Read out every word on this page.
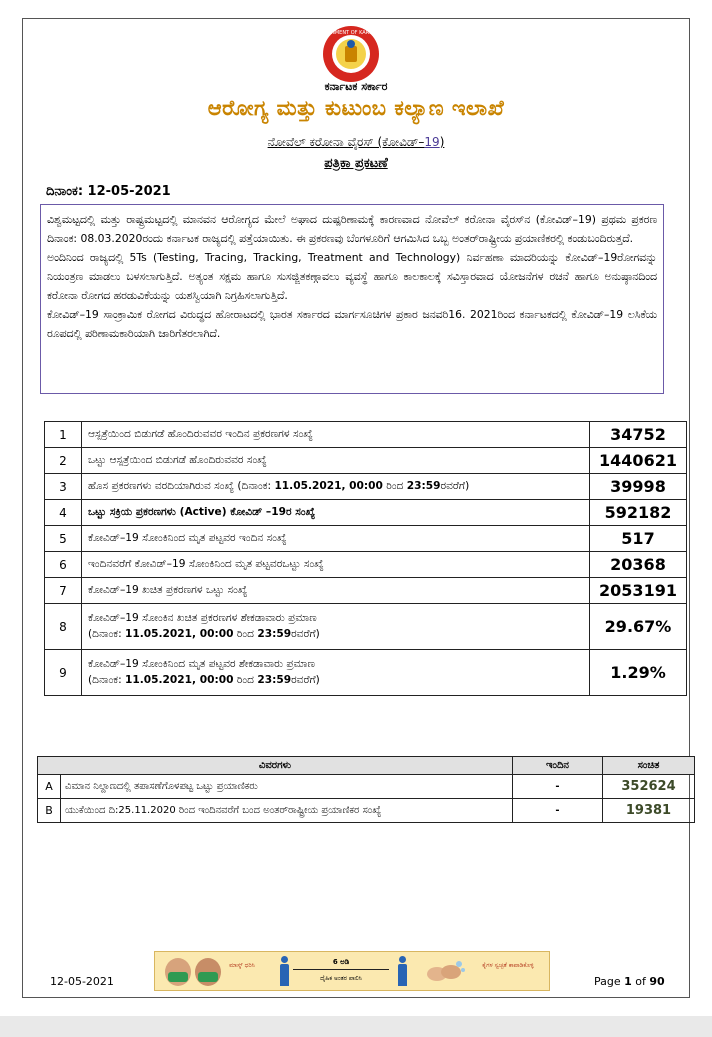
GOVERNMENT OF KARNATAKA
ಕರ್ನಾಟಕ ಸರ್ಕಾರ
ಆರೋಗ್ಯ ಮತ್ತು ಕುಟುಂಬ ಕಲ್ಯಾಣ ಇಲಾಖೆ
ನೋವೆಲ್ ಕರೋನಾ ವೈರಸ್ (ಕೋವಿಡ್–19)
ಪತ್ರಿಕಾ ಪ್ರಕಟಣೆ
ದಿನಾಂಕ: 12-05-2021

ವಿಶ್ವಮಟ್ಟದಲ್ಲಿ ಮತ್ತು ರಾಷ್ಟ್ರಮಟ್ಟದಲ್ಲಿ ಮಾನವನ ಆರೋಗ್ಯದ ಮೇಲೆ ಅಘಾದ ದುಷ್ಪರಿಣಾಮಕ್ಕೆ ಕಾರಣವಾದ ನೋವೆಲ್ ಕರೋನಾ ವೈರಸ್‌ನ (ಕೋವಿಡ್–19) ಪ್ರಥಮ ಪ್ರಕರಣ ದಿನಾಂಕ: 08.03.2020ರಂದು ಕರ್ನಾಟಕ ರಾಜ್ಯದಲ್ಲಿ ಪತ್ತೆಯಾಯಿತು. ಈ ಪ್ರಕರಣವು ಬೆಂಗಳೂರಿಗೆ ಆಗಮಿಸಿದ ಒಬ್ಬ ಅಂತರ್‌ರಾಷ್ಟ್ರೀಯ ಪ್ರಯಾಣಿಕರಲ್ಲಿ ಕಂಡುಬಂದಿರುತ್ತದೆ.

ಅಂದಿನಿಂದ ರಾಜ್ಯದಲ್ಲಿ 5Ts (Testing, Tracing, Tracking, Treatment and Technology) ನಿರ್ವಹಣಾ ಮಾದರಿಯನ್ನು ಕೋವಿಡ್–19ರೋಗವನ್ನು ನಿಯಂತ್ರಣ ಮಾಡಲು ಬಳಸಲಾಗುತ್ತಿದೆ. ಅತ್ಯಂತ ಸಕ್ಷಮ ಹಾಗೂ ಸುಸಜ್ಜಿತಕಣ್ಗಾವಲು ವ್ಯವಸ್ಥೆ ಹಾಗೂ ಕಾಲಕಾಲಕ್ಕೆ ಸವಿಸ್ತಾರವಾದ ಯೋಜನೆಗಳ ರಚನೆ ಹಾಗೂ ಅನುಷ್ಠಾನದಿಂದ ಕರೋನಾ ರೋಗದ ಹರಡುವಿಕೆಯನ್ನು ಯಶಸ್ವಿಯಾಗಿ ನಿಗ್ರಹಿಸಲಾಗುತ್ತಿದೆ.

ಕೋವಿಡ್–19 ಸಾಂಕ್ರಾಮಿಕ ರೋಗದ ವಿರುದ್ಧದ ಹೋರಾಟದಲ್ಲಿ ಭಾರತ ಸರ್ಕಾರದ ಮಾರ್ಗಸೂಚಿಗಳ ಪ್ರಕಾರ ಜನವರಿ16. 2021ರಿಂದ ಕರ್ನಾಟಕದಲ್ಲಿ ಕೋವಿಡ್–19 ಲಸಿಕೆಯ ರೂಪದಲ್ಲಿ ಪರಿಣಾಮಕಾರಿಯಾಗಿ ಜಾರಿಗೆತರಲಾಗಿದೆ.

1	ಆಸ್ಪತ್ರೆಯಿಂದ ಬಿಡುಗಡೆ ಹೊಂದಿರುವವರ ಇಂದಿನ ಪ್ರಕರಣಗಳ ಸಂಖ್ಯೆ	34752
2	ಒಟ್ಟು ಆಸ್ಪತ್ರೆಯಿಂದ ಬಿಡುಗಡೆ ಹೊಂದಿರುವವರ ಸಂಖ್ಯೆ	1440621
3	ಹೊಸ ಪ್ರಕರಣಗಳು ವರದಿಯಾಗಿರುವ ಸಂಖ್ಯೆ (ದಿನಾಂಕ: 11.05.2021, 00:00 ರಿಂದ 23:59ರವರೆಗೆ)	39998
4	ಒಟ್ಟು ಸಕ್ರಿಯ ಪ್ರಕರಣಗಳು (Active) ಕೋವಿಡ್ –19ರ ಸಂಖ್ಯೆ	592182
5	ಕೋವಿಡ್–19 ಸೋಂಕಿನಿಂದ ಮೃತ ಪಟ್ಟವರ ಇಂದಿನ ಸಂಖ್ಯೆ	517
6	ಇಂದಿನವರೆಗೆ ಕೋವಿಡ್–19 ಸೋಂಕಿನಿಂದ ಮೃತ ಪಟ್ಟವರಒಟ್ಟು ಸಂಖ್ಯೆ	20368
7	ಕೋವಿಡ್–19 ಖಚಿತ ಪ್ರಕರಣಗಳ ಒಟ್ಟು ಸಂಖ್ಯೆ	2053191
8	ಕೋವಿಡ್–19 ಸೋಂಕಿನ ಖಚಿತ ಪ್ರಕರಣಗಳ ಶೇಕಡಾವಾರು ಪ್ರಮಾಣ
(ದಿನಾಂಕ: 11.05.2021, 00:00 ರಿಂದ 23:59ರವರೆಗೆ)	29.67%
9	ಕೋವಿಡ್–19 ಸೋಂಕಿನಿಂದ ಮೃತ ಪಟ್ಟವರ ಶೇಕಡಾವಾರು ಪ್ರಮಾಣ
(ದಿನಾಂಕ: 11.05.2021, 00:00 ರಿಂದ 23:59ರವರೆಗೆ)	1.29%
ವಿವರಗಳು		ಇಂದಿನ	ಸಂಚಿತ
A	ವಿಮಾನ ನಿಲ್ದಾಣದಲ್ಲಿ ತಪಾಸಣೆಗೊಳಪಟ್ಟ ಒಟ್ಟು ಪ್ರಯಾಣಿಕರು	-	352624
B	ಯುಕೆಯಿಂದ ದಿ:25.11.2020 ರಿಂದ ಇಂದಿನವರೆಗೆ ಬಂದ ಅಂತರ್‌ರಾಷ್ಟ್ರೀಯ ಪ್ರಯಾಣಿಕರ ಸಂಖ್ಯೆ	-	19381
ಮಾಸ್ಕ್ ಧರಿಸಿ	6 ಅಡಿ
ದೈಹಿಕ ಅಂತರ ಪಾಲಿಸಿ
ಕೈಗಳ ಸ್ವಚ್ಛತೆ ಕಾಪಾಡಿಕೊಳ್ಳಿ
12-05-2021	Page 1 of 90
